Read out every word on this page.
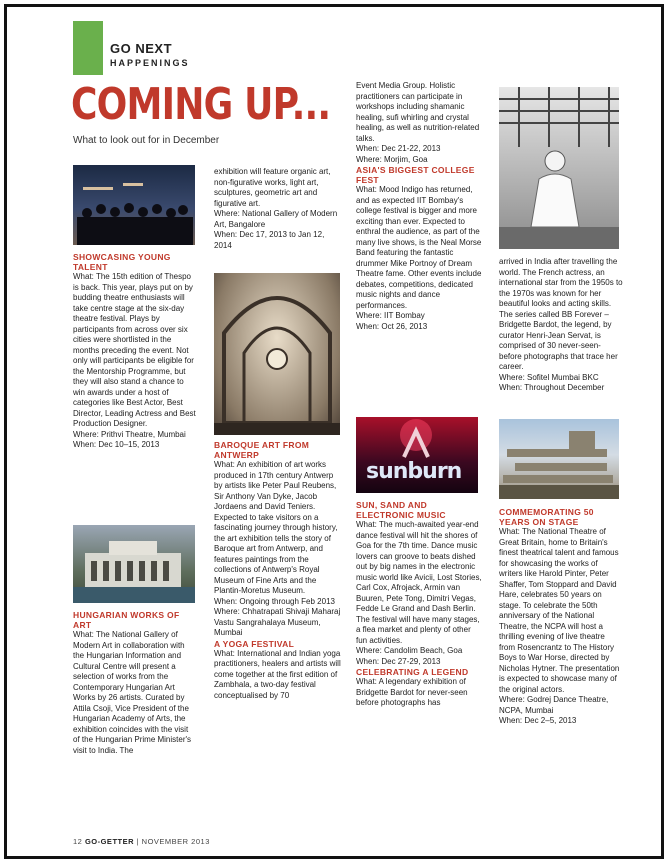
GO NEXT
HAPPENINGS
COMING UP...
What to look out for in December

SHOWCASING YOUNG TALENT

What: The 15th edition of Thespo is back. This year, plays put on by budding theatre enthusiasts will take centre stage at the six-day theatre festival. Plays by participants from across over six cities were shortlisted in the months preceding the event. Not only will participants be eligible for the Mentorship Programme, but they will also stand a chance to win awards under a host of categories like Best Actor, Best Director, Leading Actress and Best Production Designer.

Where: Prithvi Theatre, Mumbai

When: Dec 10–15, 2013

HUNGARIAN WORKS OF ART

What: The National Gallery of Modern Art in collaboration with the Hungarian Information and Cultural Centre will present a selection of works from the Contemporary Hungarian Art Works by 26 artists. Curated by Attila Csoji, Vice President of the Hungarian Academy of Arts, the exhibition coincides with the visit of the Hungarian Prime Minister's visit to India. The

exhibition will feature organic art, non-figurative works, light art, sculptures, geometric art and figurative art.

Where: National Gallery of Modern Art, Bangalore

When: Dec 17, 2013 to Jan 12, 2014

BAROQUE ART FROM ANTWERP

What: An exhibition of art works produced in 17th century Antwerp by artists like Peter Paul Reubens, Sir Anthony Van Dyke, Jacob Jordaens and David Teniers. Expected to take visitors on a fascinating journey through history, the art exhibition tells the story of Baroque art from Antwerp, and features paintings from the collections of Antwerp's Royal Museum of Fine Arts and the Plantin-Moretus Museum.

When: Ongoing through Feb 2013

Where: Chhatrapati Shivaji Maharaj Vastu Sangrahalaya Museum, Mumbai

A YOGA FESTIVAL

What: International and Indian yoga practitioners, healers and artists will come together at the first edition of Zambhala, a two-day festival conceptualised by 70

Event Media Group. Holistic practitioners can participate in workshops including shamanic healing, sufi whirling and crystal healing, as well as nutrition-related talks.

When: Dec 21-22, 2013

Where: Morjim, Goa

ASIA'S BIGGEST COLLEGE FEST

What: Mood Indigo has returned, and as expected IIT Bombay's college festival is bigger and more exciting than ever. Expected to enthral the audience, as part of the many live shows, is the Neal Morse Band featuring the fantastic drummer Mike Portnoy of Dream Theatre fame. Other events include debates, competitions, dedicated music nights and dance performances.

Where: IIT Bombay

When: Oct 26, 2013

sunburn

SUN, SAND AND ELECTRONIC MUSIC

What: The much-awaited year-end dance festival will hit the shores of Goa for the 7th time. Dance music lovers can groove to beats dished out by big names in the electronic music world like Avicii, Lost Stories, Carl Cox, Afrojack, Armin van Buuren, Pete Tong, Dimitri Vegas, Fedde Le Grand and Dash Berlin. The festival will have many stages, a flea market and plenty of other fun activities.

Where: Candolim Beach, Goa

When: Dec 27-29, 2013

CELEBRATING A LEGEND

What: A legendary exhibition of Bridgette Bardot for never-seen before photographs has

arrived in India after travelling the world. The French actress, an international star from the 1950s to the 1970s was known for her beautiful looks and acting skills. The series called BB Forever – Bridgette Bardot, the legend, by curator Henri-Jean Servat, is comprised of 30 never-seen-before photographs that trace her career.

Where: Sofitel Mumbai BKC

When: Throughout December

COMMEMORATING 50 YEARS ON STAGE

What: The National Theatre of Great Britain, home to Britain's finest theatrical talent and famous for showcasing the works of writers like Harold Pinter, Peter Shaffer, Tom Stoppard and David Hare, celebrates 50 years on stage. To celebrate the 50th anniversary of the National Theatre, the NCPA will host a thrilling evening of live theatre from Rosencrantz to The History Boys to War Horse, directed by Nicholas Hytner. The presentation is expected to showcase many of the original actors.

Where: Godrej Dance Theatre, NCPA, Mumbai

When: Dec 2–5, 2013

12 GO-GETTER | NOVEMBER 2013
